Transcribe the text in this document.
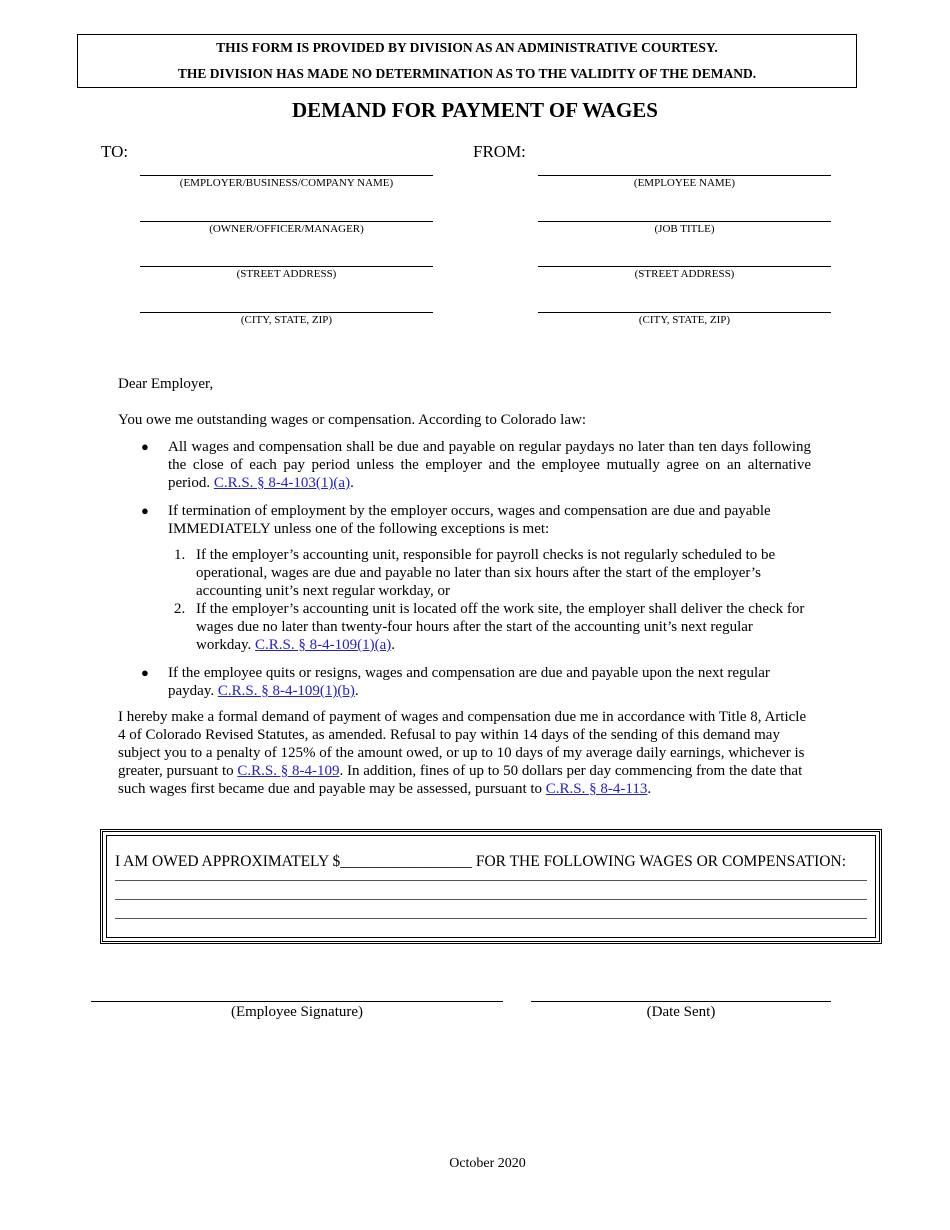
THIS FORM IS PROVIDED BY DIVISION AS AN ADMINISTRATIVE COURTESY.
THE DIVISION HAS MADE NO DETERMINATION AS TO THE VALIDITY OF THE DEMAND.
DEMAND FOR PAYMENT OF WAGES
TO:	FROM:
(EMPLOYER/BUSINESS/COMPANY NAME)
(OWNER/OFFICER/MANAGER)
(STREET ADDRESS)
(CITY, STATE, ZIP)
(EMPLOYEE NAME)
(JOB TITLE)
(STREET ADDRESS)
(CITY, STATE, ZIP)
Dear Employer,
You owe me outstanding wages or compensation. According to Colorado law:
● All wages and compensation shall be due and payable on regular paydays no later than ten days following the close of each pay period unless the employer and the employee mutually agree on an alternative period. C.R.S. § 8-4-103(1)(a).
● If termination of employment by the employer occurs, wages and compensation are due and payable IMMEDIATELY unless one of the following exceptions is met:
1. If the employer’s accounting unit, responsible for payroll checks is not regularly scheduled to be operational, wages are due and payable no later than six hours after the start of the employer’s accounting unit’s next regular workday, or
2. If the employer’s accounting unit is located off the work site, the employer shall deliver the check for wages due no later than twenty-four hours after the start of the accounting unit’s next regular workday. C.R.S. § 8-4-109(1)(a).
● If the employee quits or resigns, wages and compensation are due and payable upon the next regular payday. C.R.S. § 8-4-109(1)(b).
I hereby make a formal demand of payment of wages and compensation due me in accordance with Title 8, Article 4 of Colorado Revised Statutes, as amended. Refusal to pay within 14 days of the sending of this demand may subject you to a penalty of 125% of the amount owed, or up to 10 days of my average daily earnings, whichever is greater, pursuant to C.R.S. § 8-4-109. In addition, fines of up to 50 dollars per day commencing from the date that such wages first became due and payable may be assessed, pursuant to C.R.S. § 8-4-113.
I AM OWED APPROXIMATELY $_________________ FOR THE FOLLOWING WAGES OR COMPENSATION:
(Employee Signature)	(Date Sent)
October 2020
